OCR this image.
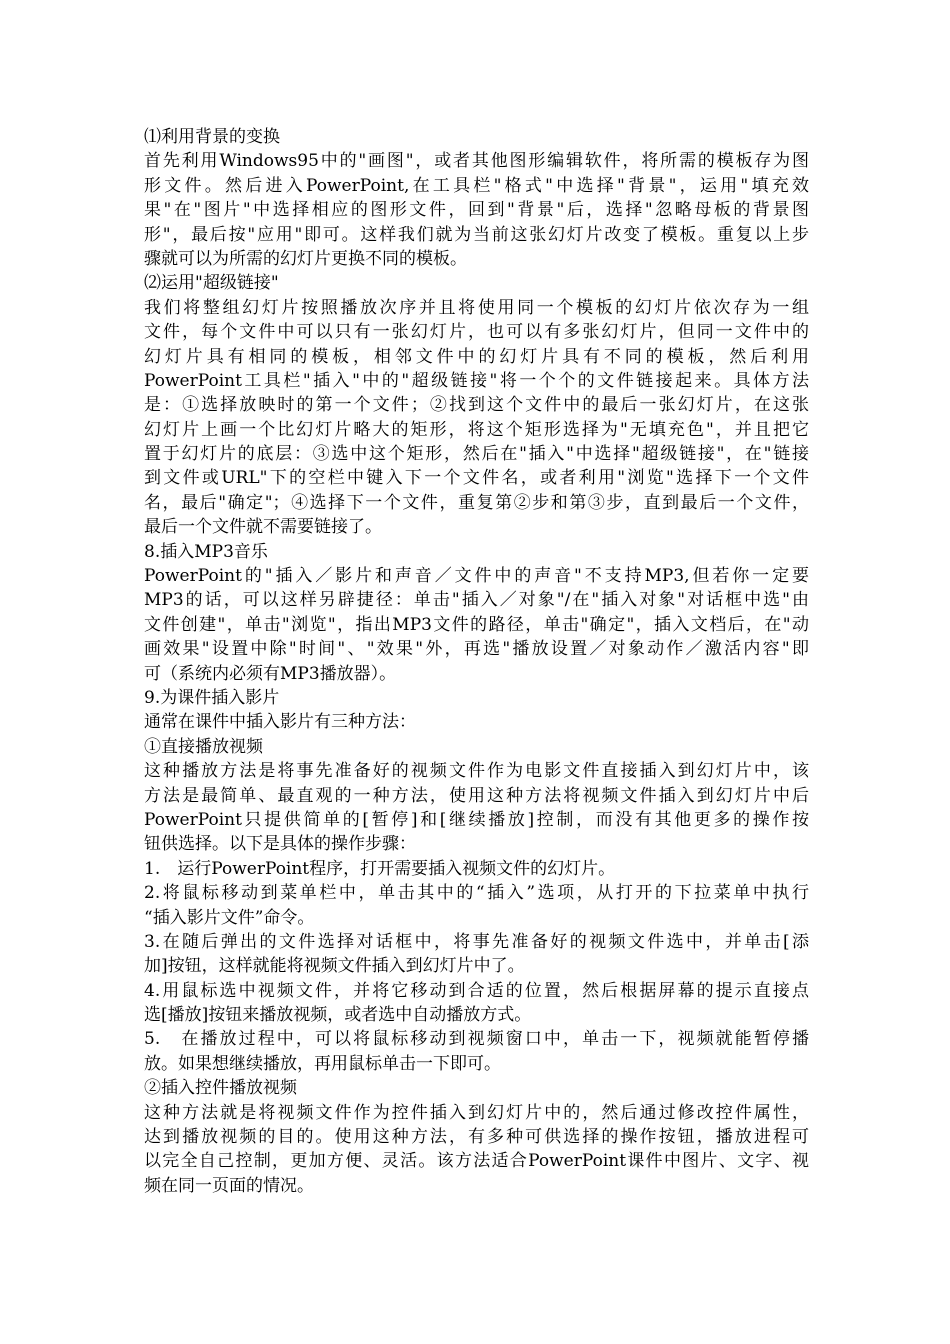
⑴利用背景的变换
首先利用Windows95中的"画图"，或者其他图形编辑软件，将所需的模板存为图
形文件。然后进入PowerPoint,在工具栏"格式"中选择"背景"，运用"填充效
果"在"图片"中选择相应的图形文件，回到"背景"后，选择"忽略母板的背景图
形"，最后按"应用"即可。这样我们就为当前这张幻灯片改变了模板。重复以上步
骤就可以为所需的幻灯片更换不同的模板。
⑵运用"超级链接"
我们将整组幻灯片按照播放次序并且将使用同一个模板的幻灯片依次存为一组
文件，每个文件中可以只有一张幻灯片，也可以有多张幻灯片，但同一文件中的
幻灯片具有相同的模板，相邻文件中的幻灯片具有不同的模板，然后利用
PowerPoint工具栏"插入"中的"超级链接"将一个个的文件链接起来。具体方法
是：①选择放映时的第一个文件；②找到这个文件中的最后一张幻灯片，在这张
幻灯片上画一个比幻灯片略大的矩形，将这个矩形选择为"无填充色"，并且把它
置于幻灯片的底层：③选中这个矩形，然后在"插入"中选择"超级链接"，在"链接
到文件或URL"下的空栏中键入下一个文件名，或者利用"浏览"选择下一个文件
名，最后"确定"；④选择下一个文件，重复第②步和第③步，直到最后一个文件，
最后一个文件就不需要链接了。
8.插入MP3音乐
PowerPoint的"插入／影片和声音／文件中的声音"不支持MP3,但若你一定要
MP3的话，可以这样另辟捷径：单击"插入／对象"/在"插入对象"对话框中选"由
文件创建"，单击"浏览"，指出MP3文件的路径，单击"确定"，插入文档后，在"动
画效果"设置中除"时间"、"效果"外，再选"播放设置／对象动作／激活内容"即
可（系统内必须有MP3播放器）。
9.为课件插入影片
通常在课件中插入影片有三种方法：
①直接播放视频
这种播放方法是将事先准备好的视频文件作为电影文件直接插入到幻灯片中，该
方法是最简单、最直观的一种方法，使用这种方法将视频文件插入到幻灯片中后
PowerPoint只提供简单的[暂停]和[继续播放]控制，而没有其他更多的操作按
钮供选择。以下是具体的操作步骤：
1.　运行PowerPoint程序，打开需要插入视频文件的幻灯片。
2.将鼠标移动到菜单栏中，单击其中的“插入”选项，从打开的下拉菜单中执行
“插入影片文件”命令。
3.在随后弹出的文件选择对话框中，将事先准备好的视频文件选中，并单击[添
加]按钮，这样就能将视频文件插入到幻灯片中了。
4.用鼠标选中视频文件，并将它移动到合适的位置，然后根据屏幕的提示直接点
选[播放]按钮来播放视频，或者选中自动播放方式。
5.　在播放过程中，可以将鼠标移动到视频窗口中，单击一下，视频就能暂停播
放。如果想继续播放，再用鼠标单击一下即可。
②插入控件播放视频
这种方法就是将视频文件作为控件插入到幻灯片中的，然后通过修改控件属性，
达到播放视频的目的。使用这种方法，有多种可供选择的操作按钮，播放进程可
以完全自己控制，更加方便、灵活。该方法适合PowerPoint课件中图片、文字、视
频在同一页面的情况。
